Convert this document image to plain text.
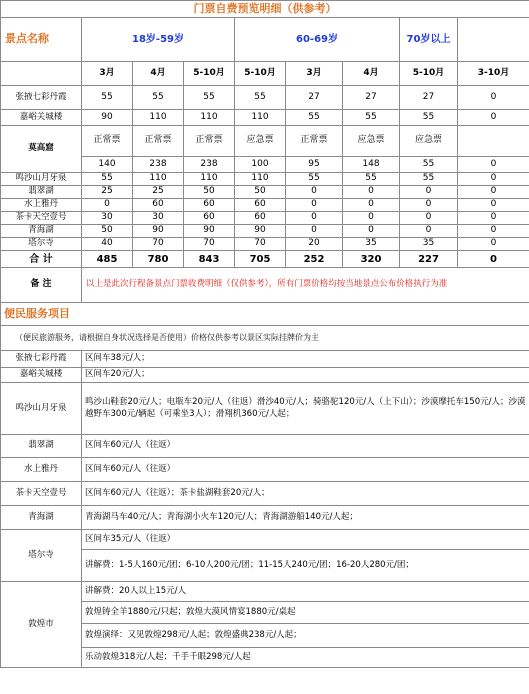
门票自费预览明细（供参考）								
景点名称	18岁-59岁			60-69岁			70岁以上	
	3月	4月	5-10月	5-10月	3月	4月	5-10月	3-10月
张掖七彩丹霞	55	55	55	55	27	27	27	0
嘉峪关城楼	90	110	110	110	55	55	55	0
莫高窟	正常票	正常票	正常票	应急票	正常票	应急票	应急票	
	140	238	238	100	95	148	55	0
鸣沙山月牙泉	55	110	110	110	55	55	55	0
翡翠湖	25	25	50	50	0	0	0	0
水上雅丹	0	60	60	60	0	0	0	0
茶卡天空壹号	30	30	60	60	0	0	0	0
青海湖	50	90	90	90	0	0	0	0
塔尔寺	40	70	70	70	20	35	35	0
合 计	485	780	843	705	252	320	227	0
备 注	以上是此次行程备景点门票收费明细（仅供参考），所有门票价格均按当地景点公布价格执行为准							
便民服务项目								
（便民旅游服务，请根据自身状况选择是否使用）价格仅供参考以景区实际挂牌价为主								
张掖七彩丹霞	区间车38元/人；							
嘉峪关城楼	区间车20元/人；							
鸣沙山月牙泉	鸣沙山鞋套20元/人；电瓶车20元/人（往返）滑沙40元/人；骑骆驼120元/人（上下山）；沙漠摩托车150元/人；沙漠越野车300元/辆起（可乘坐3人）；滑翔机360元/人起；							
翡翠湖	区间车60元/人（往返）							
水上雅丹	区间车60元/人（往返）							
茶卡天空壹号	区间车60元/人（往返）；茶卡盐湖鞋套20元/人；							
青海湖	青海湖马车40元/人；青海湖小火车120元/人；青海湖游船140元/人起；							
塔尔寺	区间车35元/人（往返）							
	讲解费：1-5人160元/团；6-10人200元/团；11-15人240元/团；16-20人280元/团；							
敦煌市	讲解费：20人以上15元/人							
	敦煌铸全羊1880元/只起；敦煌大漠风情宴1880元/桌起							
	敦煌演绎：又见敦煌298元/人起；敦煌盛典238元/人起；							
	乐动敦煌318元/人起；千手千眼298元/人起							
